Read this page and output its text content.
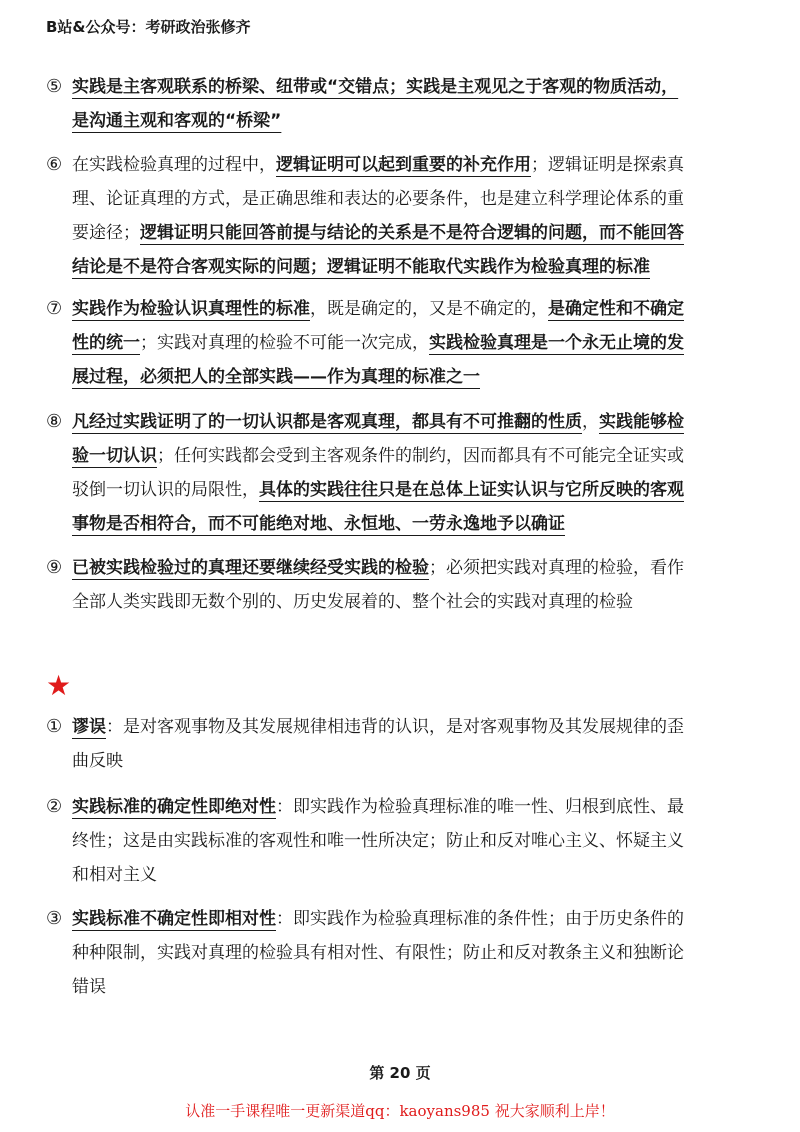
B站&公众号：考研政治张修齐
⑤ 实践是主客观联系的桥梁、纽带或“交错点；实践是主观见之于客观的物质活动，
是沟通主观和客观的“桥梁”
⑥ 在实践检验真理的过程中，逻辑证明可以起到重要的补充作用；逻辑证明是探索真
理、论证真理的方式，是正确思维和表达的必要条件，也是建立科学理论体系的重
要途径；逻辑证明只能回答前提与结论的关系是不是符合逻辑的问题，而不能回答
结论是不是符合客观实际的问题；逻辑证明不能取代实践作为检验真理的标准
⑦ 实践作为检验认识真理性的标准，既是确定的，又是不确定的，是确定性和不确定
性的统一；实践对真理的检验不可能一次完成，实践检验真理是一个永无止境的发
展过程，必须把人的全部实践——作为真理的标准之一
⑧ 凡经过实践证明了的一切认识都是客观真理，都具有不可推翻的性质，实践能够检
验一切认识；任何实践都会受到主客观条件的制约，因而都具有不可能完全证实或
驳倒一切认识的局限性，具体的实践往往只是在总体上证实认识与它所反映的客观
事物是否相符合，而不可能绝对地、永恒地、一劳永逸地予以确证
⑨ 已被实践检验过的真理还要继续经受实践的检验；必须把实践对真理的检验，看作
全部人类实践即无数个别的、历史发展着的、整个社会的实践对真理的检验
★
① 谬误：是对客观事物及其发展规律相违背的认识，是对客观事物及其发展规律的歪
曲反映
② 实践标准的确定性即绝对性：即实践作为检验真理标准的唯一性、归根到底性、最
终性；这是由实践标准的客观性和唯一性所决定；防止和反对唯心主义、怀疑主义
和相对主义
③ 实践标准不确定性即相对性：即实践作为检验真理标准的条件性；由于历史条件的
种种限制，实践对真理的检验具有相对性、有限性；防止和反对教条主义和独断论
错误
第 20 页
认准一手课程唯一更新渠道qq：kaoyans985 祝大家顺利上岸！
